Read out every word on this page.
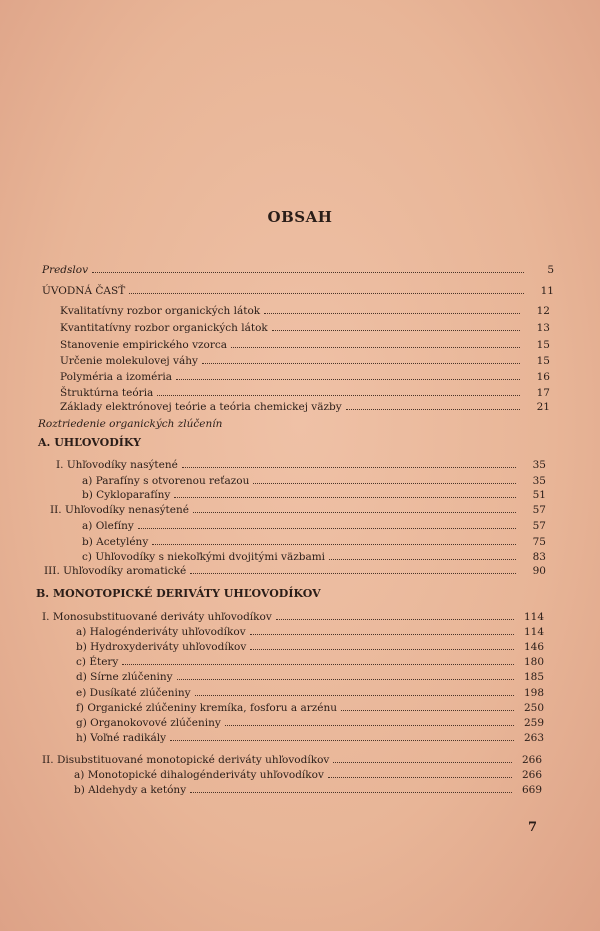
OBSAH
Predslov	5
ÚVODNÁ ČASŤ	11
Kvalitatívny rozbor organických látok	12
Kvantitatívny rozbor organických látok	13
Stanovenie empirického vzorca	15
Určenie molekulovej váhy	15
Polyméria a izoméria	16
Štruktúrna teória	17
Základy elektrónovej teórie a teória chemickej väzby	21
Roztriedenie organických zlúčenín
A. UHĽOVODÍKY
I. Uhľovodíky nasýtené	35
a) Parafíny s otvorenou reťazou	35
b) Cykloparafíny	51
II. Uhľovodíky nenasýtené	57
a) Olefíny	57
b) Acetylény	75
c) Uhľovodíky s niekoľkými dvojitými väzbami	83
III. Uhľovodíky aromatické	90
B. MONOTOPICKÉ DERIVÁTY UHĽOVODÍKOV
I. Monosubstituované deriváty uhľovodíkov	114
a) Halogénderiváty uhľovodíkov	114
b) Hydroxyderiváty uhľovodíkov	146
c) Étery	180
d) Sírne zlúčeniny	185
e) Dusíkaté zlúčeniny	198
f) Organické zlúčeniny kremíka, fosforu a arzénu	250
g) Organokovové zlúčeniny	259
h) Voľné radikály	263
II. Disubstituované monotopické deriváty uhľovodíkov	266
a) Monotopické dihalogénderiváty uhľovodíkov	266
b) Aldehydy a ketóny	669
7
